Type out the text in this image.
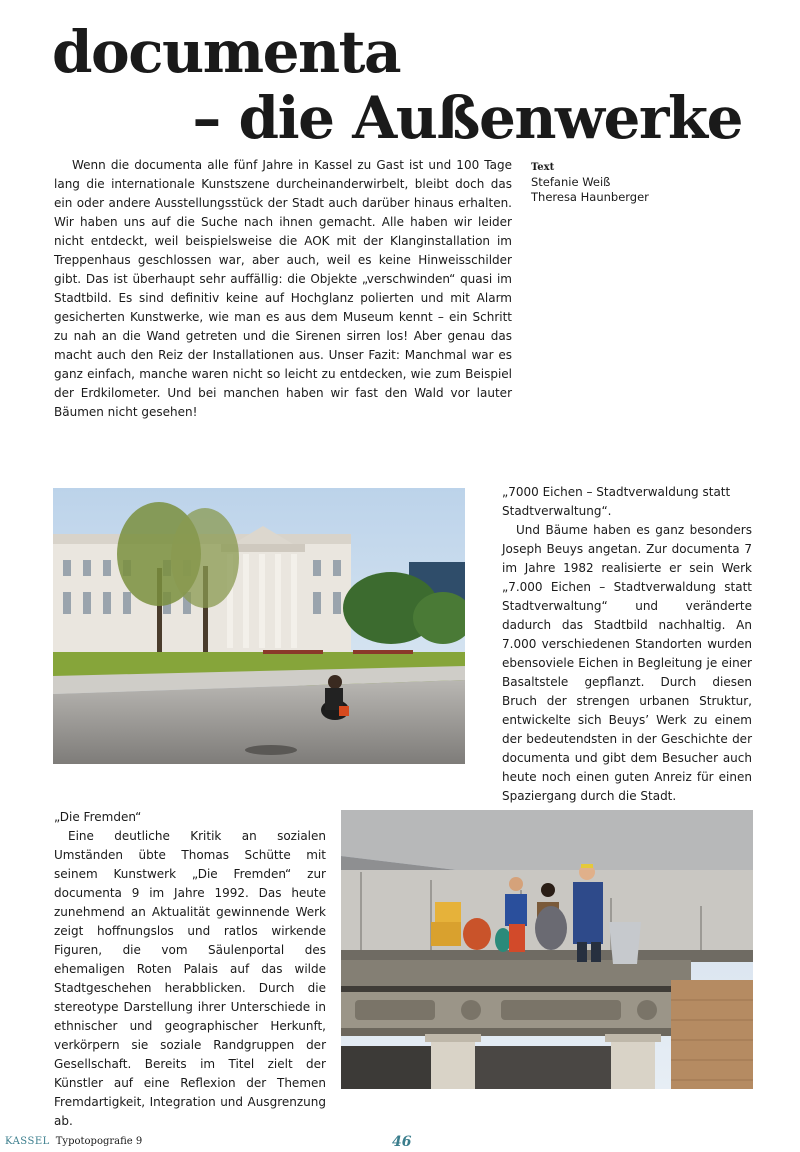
documenta
– die Außenwerke

Wenn die documenta alle fünf Jahre in Kassel zu Gast ist und 100 Tage lang die internationale Kunstszene durcheinanderwirbelt, bleibt doch das ein oder andere Ausstellungsstück der Stadt auch darüber hinaus erhalten. Wir haben uns auf die Suche nach ihnen gemacht. Alle haben wir leider nicht entdeckt, weil beispielsweise die AOK mit der Klanginstallation im Treppenhaus geschlossen war, aber auch, weil es keine Hinweisschilder gibt. Das ist überhaupt sehr auffällig: die Objekte „verschwinden“ quasi im Stadtbild. Es sind definitiv keine auf Hochglanz polierten und mit Alarm gesicherten Kunstwerke, wie man es aus dem Museum kennt – ein Schritt zu nah an die Wand getreten und die Sirenen sirren los! Aber genau das macht auch den Reiz der Installationen aus. Unser Fazit: Manchmal war es ganz einfach, manche waren nicht so leicht zu entdecken, wie zum Beispiel der Erdkilometer. Und bei manchen haben wir fast den Wald vor lauter Bäumen nicht gesehen!

Text
Stefanie Weiß
Theresa Haunberger

„7000 Eichen – Stadtverwaldung statt Stadtverwaltung“.

Und Bäume haben es ganz besonders Joseph Beuys angetan. Zur documenta 7 im Jahre 1982 realisierte er sein Werk „7.000 Eichen – Stadtverwaldung statt Stadtverwaltung“ und veränderte dadurch das Stadtbild nachhaltig. An 7.000 verschiedenen Standorten wurden ebensoviele Eichen in Begleitung je einer Basaltstele gepflanzt. Durch diesen Bruch der strengen urbanen Struktur, entwickelte sich Beuys’ Werk zu einem der bedeutendsten in der Geschichte der documenta und gibt dem Besucher auch heute noch einen guten Anreiz für einen Spaziergang durch die Stadt.

„Die Fremden“

Eine deutliche Kritik an sozialen Umständen übte Thomas Schütte mit seinem Kunstwerk „Die Fremden“ zur documenta 9 im Jahre 1992. Das heute zunehmend an Aktualität gewinnende Werk zeigt hoffnungslos und ratlos wirkende Figuren, die vom Säulenportal des ehemaligen Roten Palais auf das wilde Stadtgeschehen herabblicken. Durch die stereotype Darstellung ihrer Unterschiede in ethnischer und geographischer Herkunft, verkörpern sie soziale Randgruppen der Gesellschaft. Bereits im Titel zielt der Künstler auf eine Reflexion der Themen Fremdartigkeit, Integration und Ausgrenzung ab.

KASSEL Typotopografie 9	46
